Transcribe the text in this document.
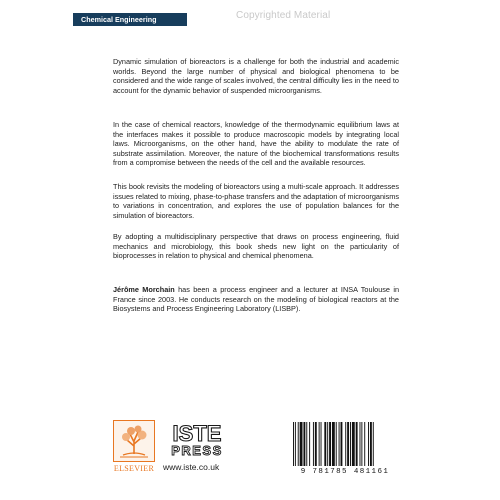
Chemical Engineering	Copyrighted Material

Dynamic simulation of bioreactors is a challenge for both the industrial and academic worlds. Beyond the large number of physical and biological phenomena to be considered and the wide range of scales involved, the central difficulty lies in the need to account for the dynamic behavior of suspended microorganisms.

In the case of chemical reactors, knowledge of the thermodynamic equilibrium laws at the interfaces makes it possible to produce macroscopic models by integrating local laws. Microorganisms, on the other hand, have the ability to modulate the rate of substrate assimilation. Moreover, the nature of the biochemical transformations results from a compromise between the needs of the cell and the available resources.

This book revisits the modeling of bioreactors using a multi-scale approach. It addresses issues related to mixing, phase-to-phase transfers and the adaptation of microorganisms to variations in concentration, and explores the use of population balances for the simulation of bioreactors.

By adopting a multidisciplinary perspective that draws on process engineering, fluid mechanics and microbiology, this book sheds new light on the particularity of bioprocesses in relation to physical and chemical phenomena.

Jérôme Morchain has been a process engineer and a lecturer at INSA Toulouse in France since 2003. He conducts research on the modeling of biological reactors at the Biosystems and Process Engineering Laboratory (LISBP).

ELSEVIER
ISTE
PRESS
www.iste.co.uk	9 781785 481161
